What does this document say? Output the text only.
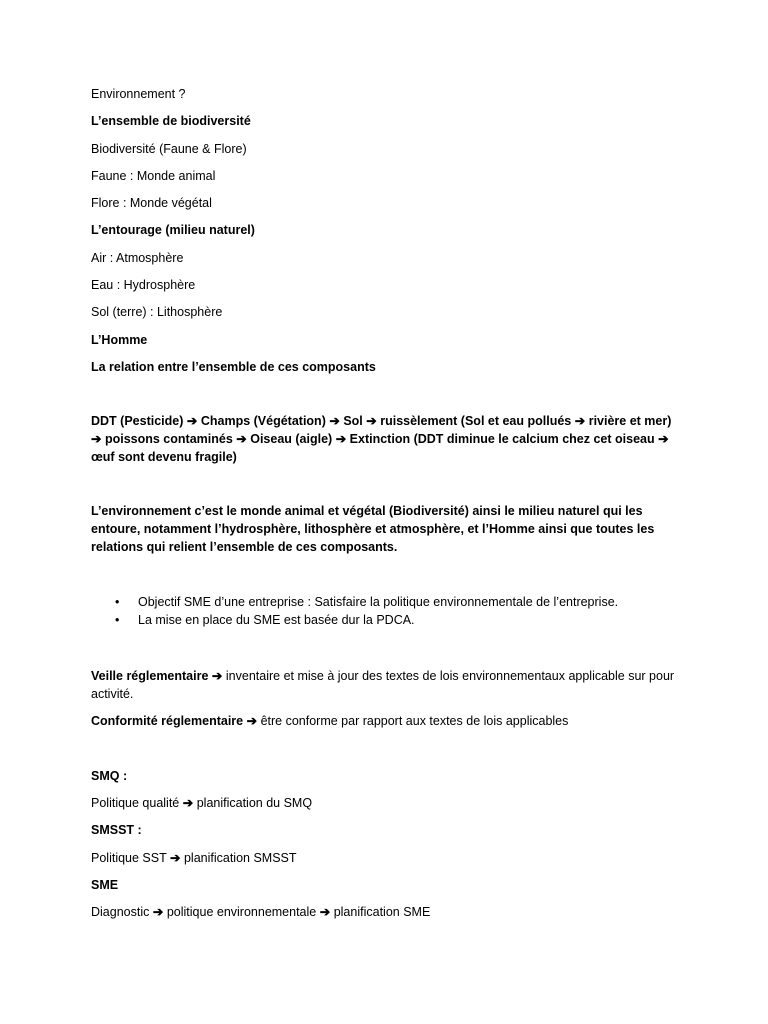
Environnement ?
L’ensemble de biodiversité
Biodiversité (Faune & Flore)
Faune : Monde animal
Flore : Monde végétal
L’entourage (milieu naturel)
Air : Atmosphère
Eau : Hydrosphère
Sol (terre) : Lithosphère
L’Homme
La relation entre l’ensemble de ces composants
DDT (Pesticide) ➔ Champs (Végétation) ➔ Sol ➔ ruissèlement (Sol et eau pollués ➔ rivière et mer) ➔ poissons contaminés ➔ Oiseau (aigle) ➔ Extinction (DDT diminue le calcium chez cet oiseau ➔ œuf sont devenu fragile)
L’environnement c’est le monde animal et végétal (Biodiversité) ainsi le milieu naturel qui les entoure, notamment l’hydrosphère, lithosphère et atmosphère, et l’Homme ainsi que toutes les relations qui relient l’ensemble de ces composants.
• Objectif SME d’une entreprise : Satisfaire la politique environnementale de l’entreprise.
• La mise en place du SME est basée dur la PDCA.
Veille réglementaire ➔ inventaire et mise à jour des textes de lois environnementaux applicable sur pour activité.
Conformité réglementaire ➔ être conforme par rapport aux textes de lois applicables
SMQ :
Politique qualité ➔ planification du SMQ
SMSST :
Politique SST ➔ planification SMSST
SME
Diagnostic ➔ politique environnementale ➔ planification SME
